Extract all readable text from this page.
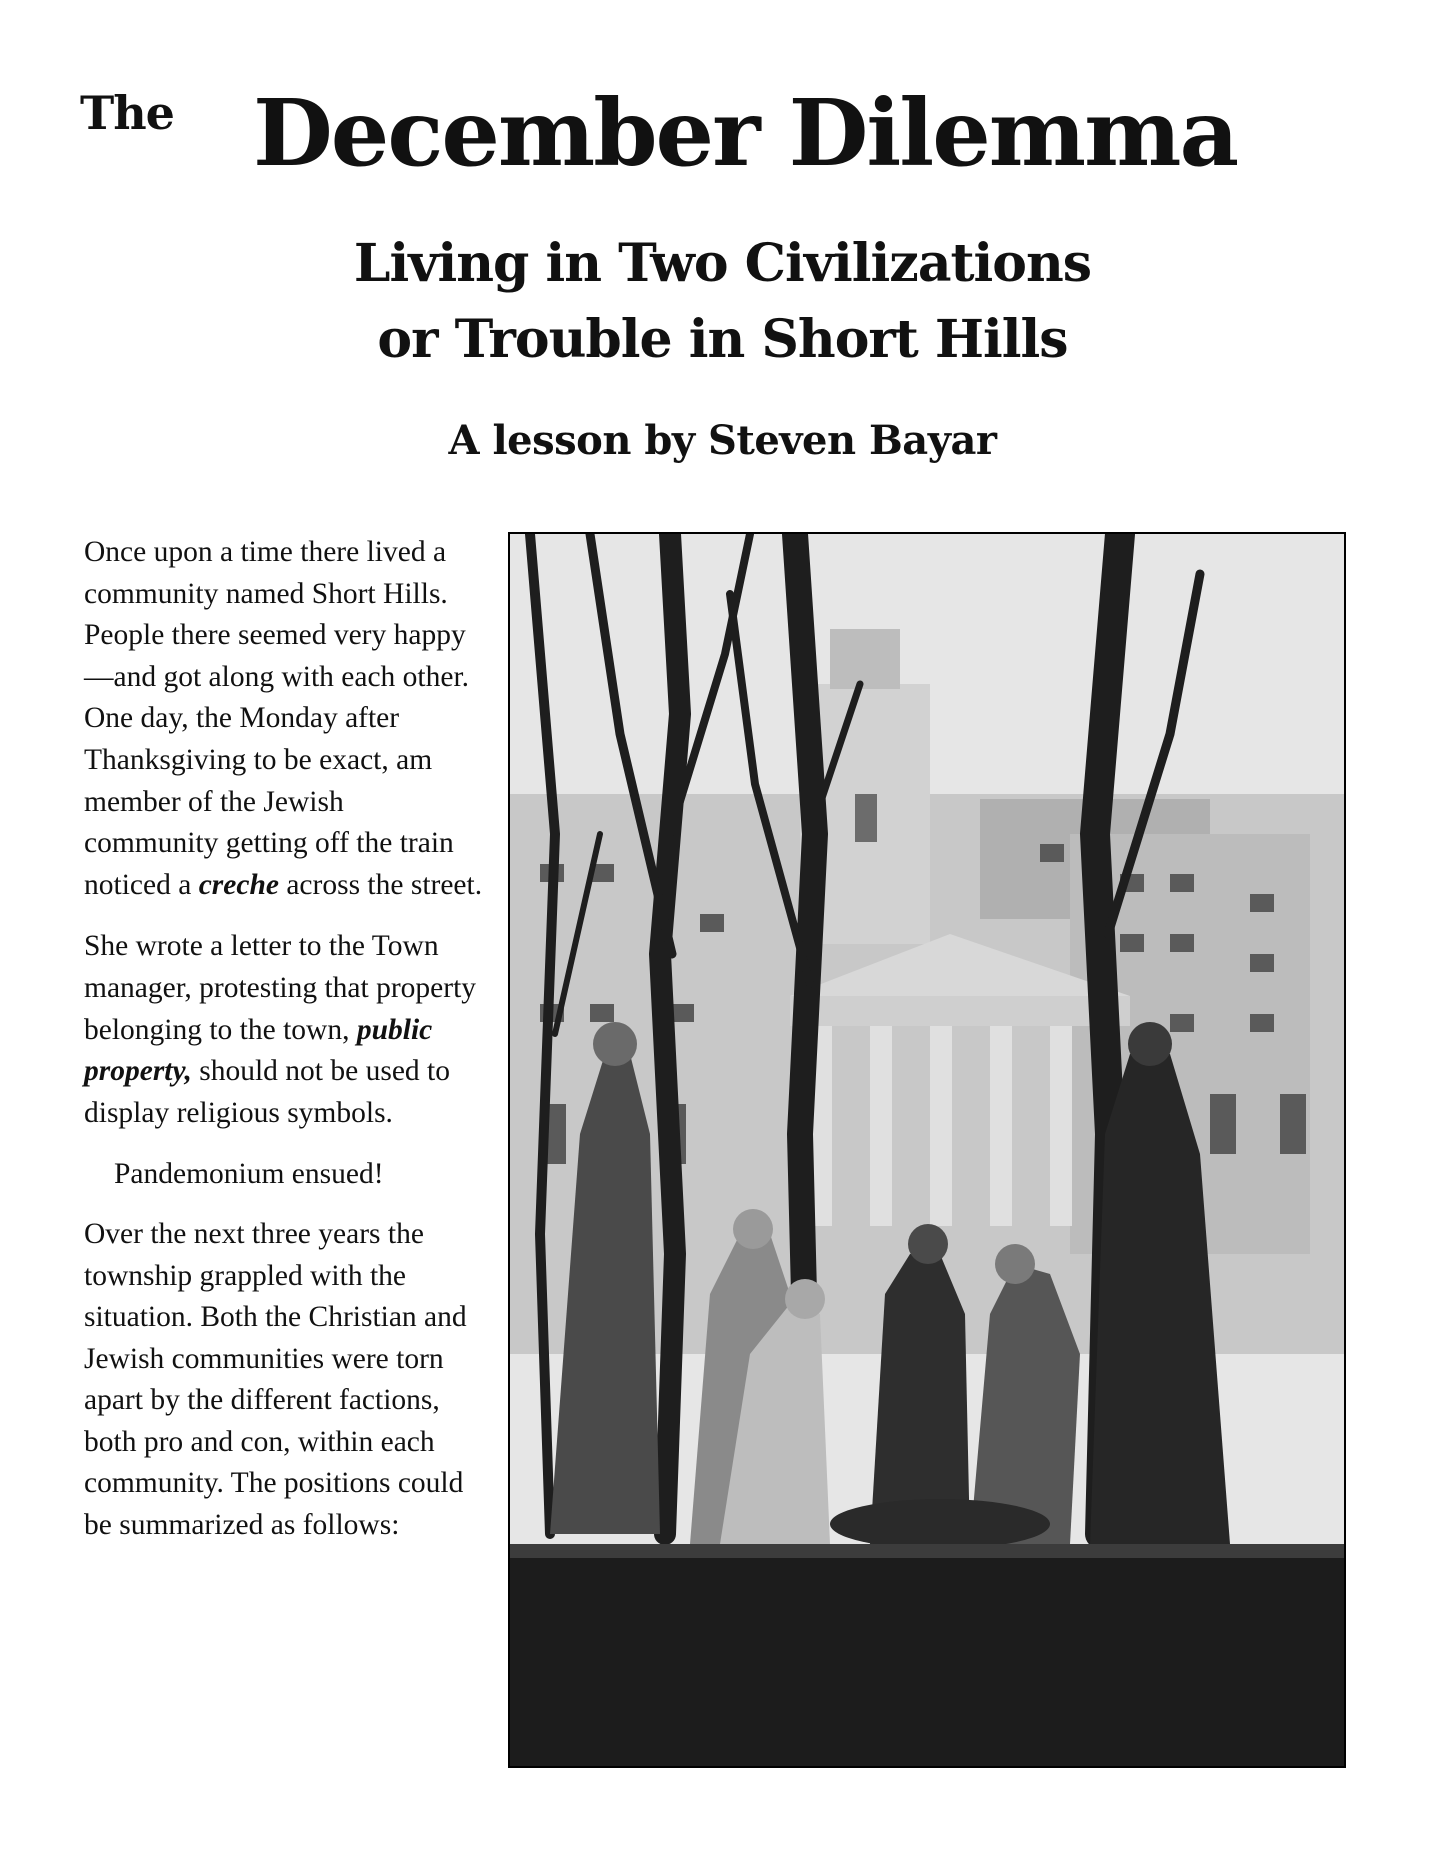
The December Dilemma
Living in Two Civilizations
or Trouble in Short Hills
A lesson by Steven Bayar

Once upon a time there lived a community named Short Hills. People there seemed very happy—and got along with each other. One day, the Monday after Thanksgiving to be exact, am member of the Jewish community getting off the train noticed a creche across the street.

She wrote a letter to the Town manager, protesting that property belonging to the town, public property, should not be used to display religious symbols.

Pandemonium ensued!

Over the next three years the township grappled with the situation. Both the Christian and Jewish communities were torn apart by the different factions, both pro and con, within each community. The positions could be summarized as follows:
